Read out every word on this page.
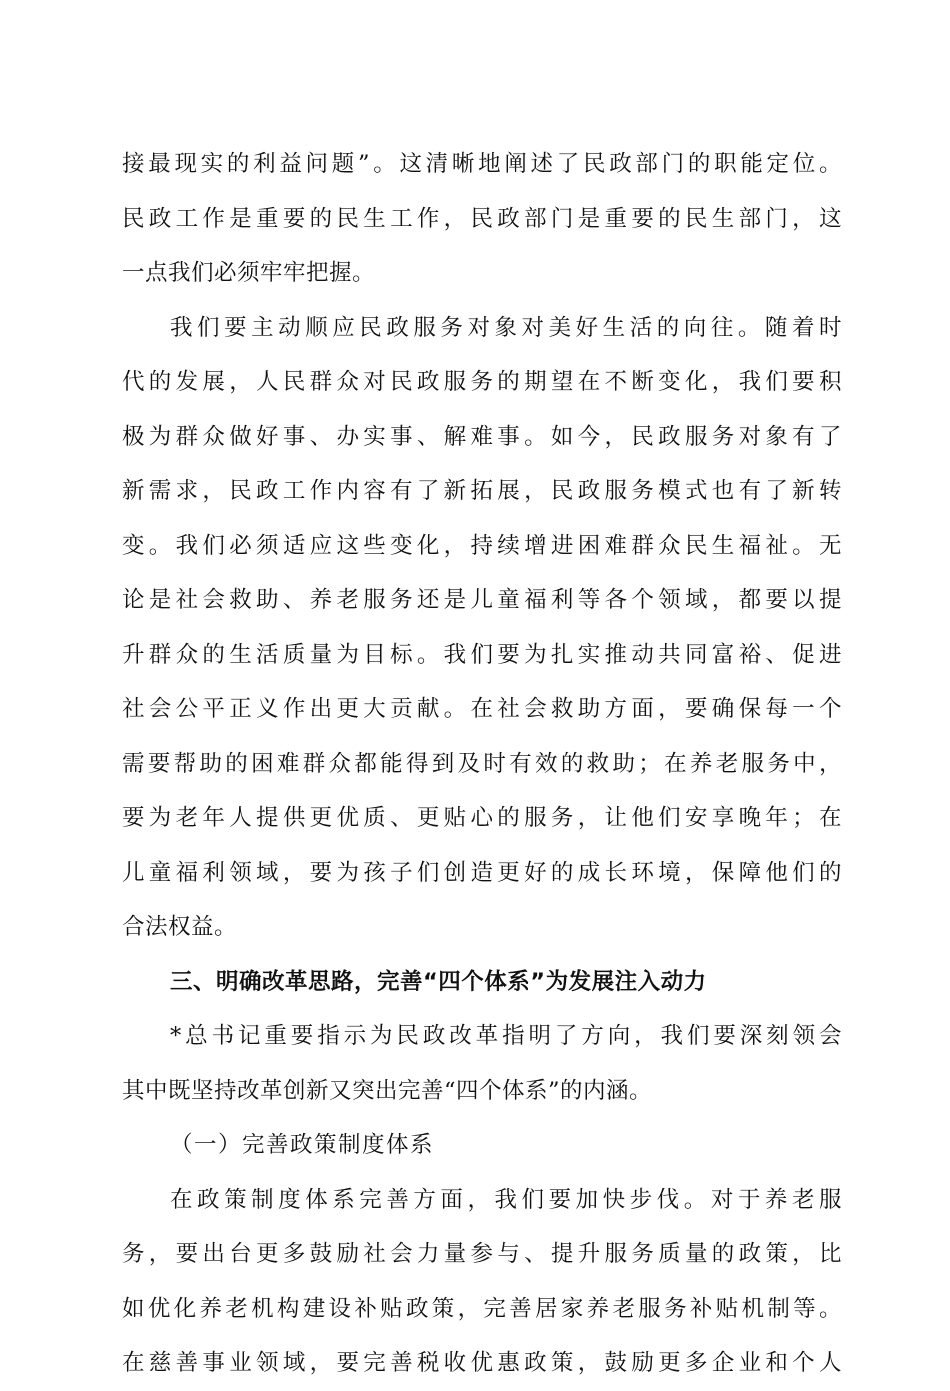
接最现实的利益问题”。这清晰地阐述了民政部门的职能定位。
民政工作是重要的民生工作，民政部门是重要的民生部门，这
一点我们必须牢牢把握。
我们要主动顺应民政服务对象对美好生活的向往。随着时
代的发展，人民群众对民政服务的期望在不断变化，我们要积
极为群众做好事、办实事、解难事。如今，民政服务对象有了
新需求，民政工作内容有了新拓展，民政服务模式也有了新转
变。我们必须适应这些变化，持续增进困难群众民生福祉。无
论是社会救助、养老服务还是儿童福利等各个领域，都要以提
升群众的生活质量为目标。我们要为扎实推动共同富裕、促进
社会公平正义作出更大贡献。在社会救助方面，要确保每一个
需要帮助的困难群众都能得到及时有效的救助；在养老服务中，
要为老年人提供更优质、更贴心的服务，让他们安享晚年；在
儿童福利领域，要为孩子们创造更好的成长环境，保障他们的
合法权益。
三、明确改革思路，完善“四个体系”为发展注入动力
*总书记重要指示为民政改革指明了方向，我们要深刻领会
其中既坚持改革创新又突出完善“四个体系”的内涵。
（一）完善政策制度体系
在政策制度体系完善方面，我们要加快步伐。对于养老服
务，要出台更多鼓励社会力量参与、提升服务质量的政策，比
如优化养老机构建设补贴政策，完善居家养老服务补贴机制等。
在慈善事业领域，要完善税收优惠政策，鼓励更多企业和个人
